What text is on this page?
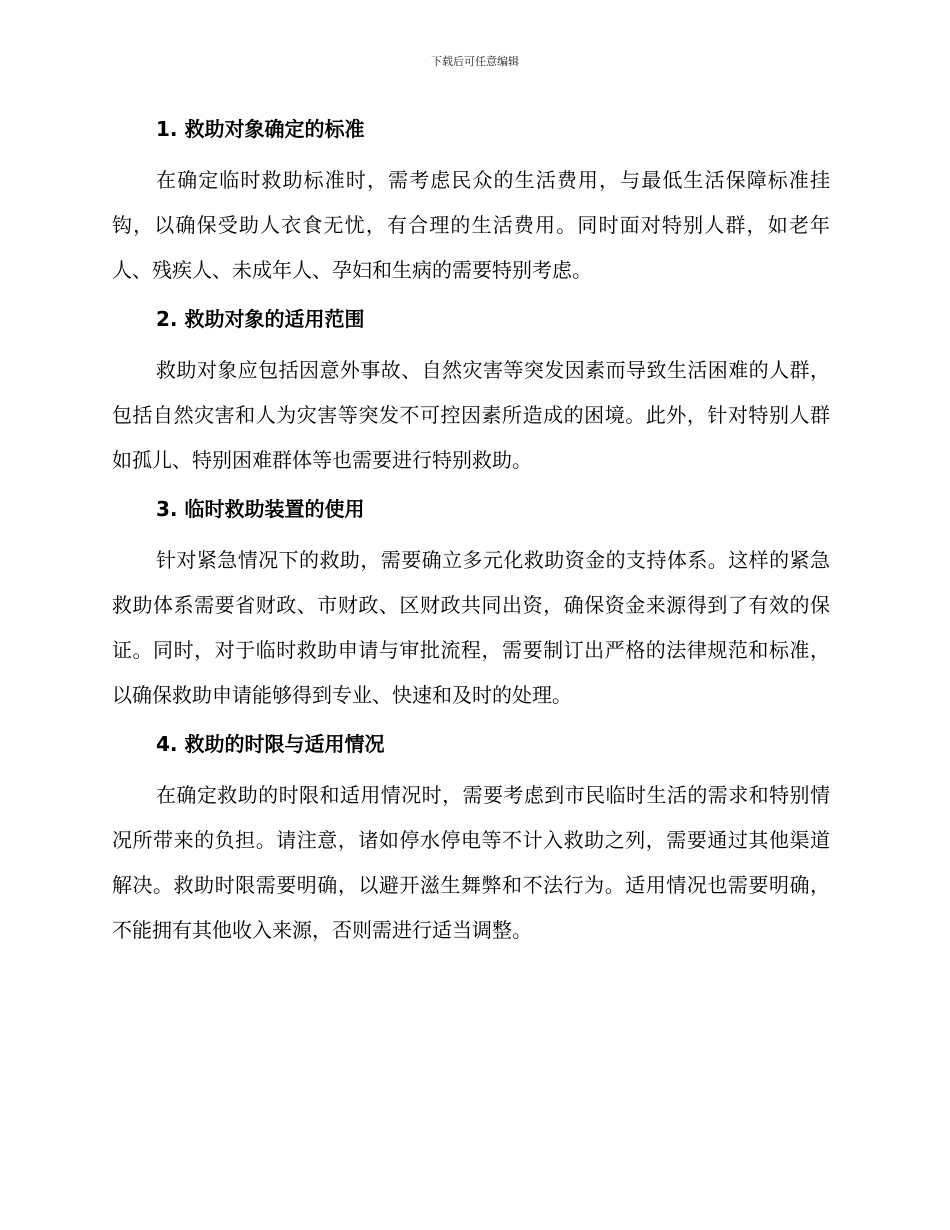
下载后可任意编辑
1. 救助对象确定的标准

在确定临时救助标准时，需考虑民众的生活费用，与最低生活保障标准挂钩，以确保受助人衣食无忧，有合理的生活费用。同时面对特别人群，如老年人、残疾人、未成年人、孕妇和生病的需要特别考虑。

2. 救助对象的适用范围

救助对象应包括因意外事故、自然灾害等突发因素而导致生活困难的人群，包括自然灾害和人为灾害等突发不可控因素所造成的困境。此外，针对特别人群如孤儿、特别困难群体等也需要进行特别救助。

3. 临时救助装置的使用

针对紧急情况下的救助，需要确立多元化救助资金的支持体系。这样的紧急救助体系需要省财政、市财政、区财政共同出资，确保资金来源得到了有效的保证。同时，对于临时救助申请与审批流程，需要制订出严格的法律规范和标准，以确保救助申请能够得到专业、快速和及时的处理。

4. 救助的时限与适用情况

在确定救助的时限和适用情况时，需要考虑到市民临时生活的需求和特别情况所带来的负担。请注意，诸如停水停电等不计入救助之列，需要通过其他渠道解决。救助时限需要明确，以避开滋生舞弊和不法行为。适用情况也需要明确，不能拥有其他收入来源，否则需进行适当调整。
